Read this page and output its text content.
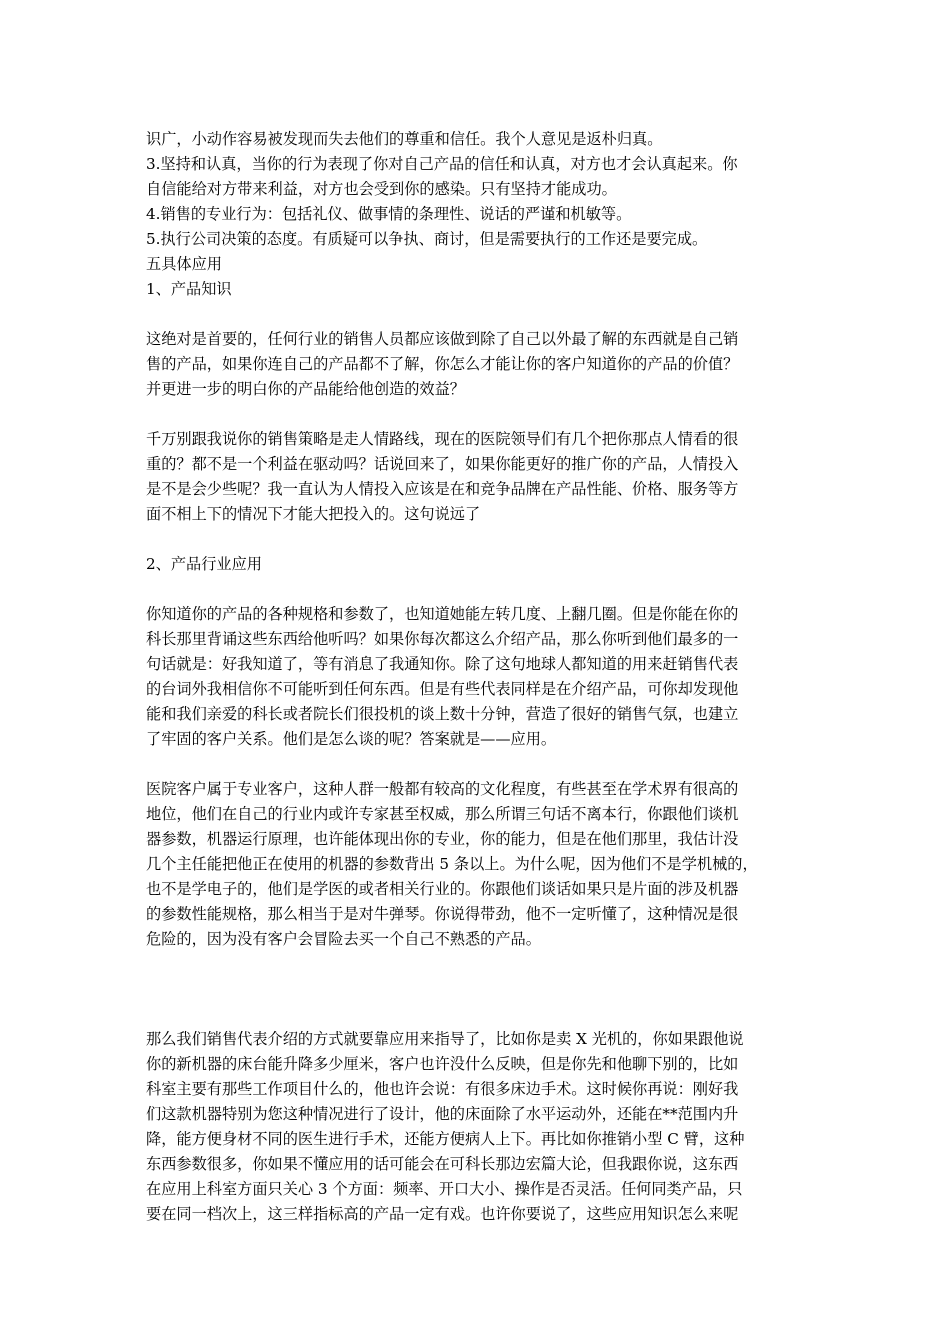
识广，小动作容易被发现而失去他们的尊重和信任。我个人意见是返朴归真。
3.坚持和认真，当你的行为表现了你对自己产品的信任和认真，对方也才会认真起来。你
自信能给对方带来利益，对方也会受到你的感染。只有坚持才能成功。
4.销售的专业行为：包括礼仪、做事情的条理性、说话的严谨和机敏等。
5.执行公司决策的态度。有质疑可以争执、商讨，但是需要执行的工作还是要完成。
五具体应用
1、产品知识
这绝对是首要的，任何行业的销售人员都应该做到除了自己以外最了解的东西就是自己销
售的产品，如果你连自己的产品都不了解，你怎么才能让你的客户知道你的产品的价值？
并更进一步的明白你的产品能给他创造的效益？
千万别跟我说你的销售策略是走人情路线，现在的医院领导们有几个把你那点人情看的很
重的？都不是一个利益在驱动吗？话说回来了，如果你能更好的推广你的产品，人情投入
是不是会少些呢？我一直认为人情投入应该是在和竞争品牌在产品性能、价格、服务等方
面不相上下的情况下才能大把投入的。这句说远了
2、产品行业应用
你知道你的产品的各种规格和参数了，也知道她能左转几度、上翻几圈。但是你能在你的
科长那里背诵这些东西给他听吗？如果你每次都这么介绍产品，那么你听到他们最多的一
句话就是：好我知道了，等有消息了我通知你。除了这句地球人都知道的用来赶销售代表
的台词外我相信你不可能听到任何东西。但是有些代表同样是在介绍产品，可你却发现他
能和我们亲爱的科长或者院长们很投机的谈上数十分钟，营造了很好的销售气氛，也建立
了牢固的客户关系。他们是怎么谈的呢？答案就是——应用。
医院客户属于专业客户，这种人群一般都有较高的文化程度，有些甚至在学术界有很高的
地位，他们在自己的行业内或许专家甚至权威，那么所谓三句话不离本行，你跟他们谈机
器参数，机器运行原理，也许能体现出你的专业，你的能力，但是在他们那里，我估计没
几个主任能把他正在使用的机器的参数背出 5 条以上。为什么呢，因为他们不是学机械的，
也不是学电子的，他们是学医的或者相关行业的。你跟他们谈话如果只是片面的涉及机器
的参数性能规格，那么相当于是对牛弹琴。你说得带劲，他不一定听懂了，这种情况是很
危险的，因为没有客户会冒险去买一个自己不熟悉的产品。
那么我们销售代表介绍的方式就要靠应用来指导了，比如你是卖 X 光机的，你如果跟他说
你的新机器的床台能升降多少厘米，客户也许没什么反映，但是你先和他聊下别的，比如
科室主要有那些工作项目什么的，他也许会说：有很多床边手术。这时候你再说：刚好我
们这款机器特别为您这种情况进行了设计，他的床面除了水平运动外，还能在**范围内升
降，能方便身材不同的医生进行手术，还能方便病人上下。再比如你推销小型 C 臂，这种
东西参数很多，你如果不懂应用的话可能会在可科长那边宏篇大论，但我跟你说，这东西
在应用上科室方面只关心 3 个方面：频率、开口大小、操作是否灵活。任何同类产品，只
要在同一档次上，这三样指标高的产品一定有戏。也许你要说了，这些应用知识怎么来呢
